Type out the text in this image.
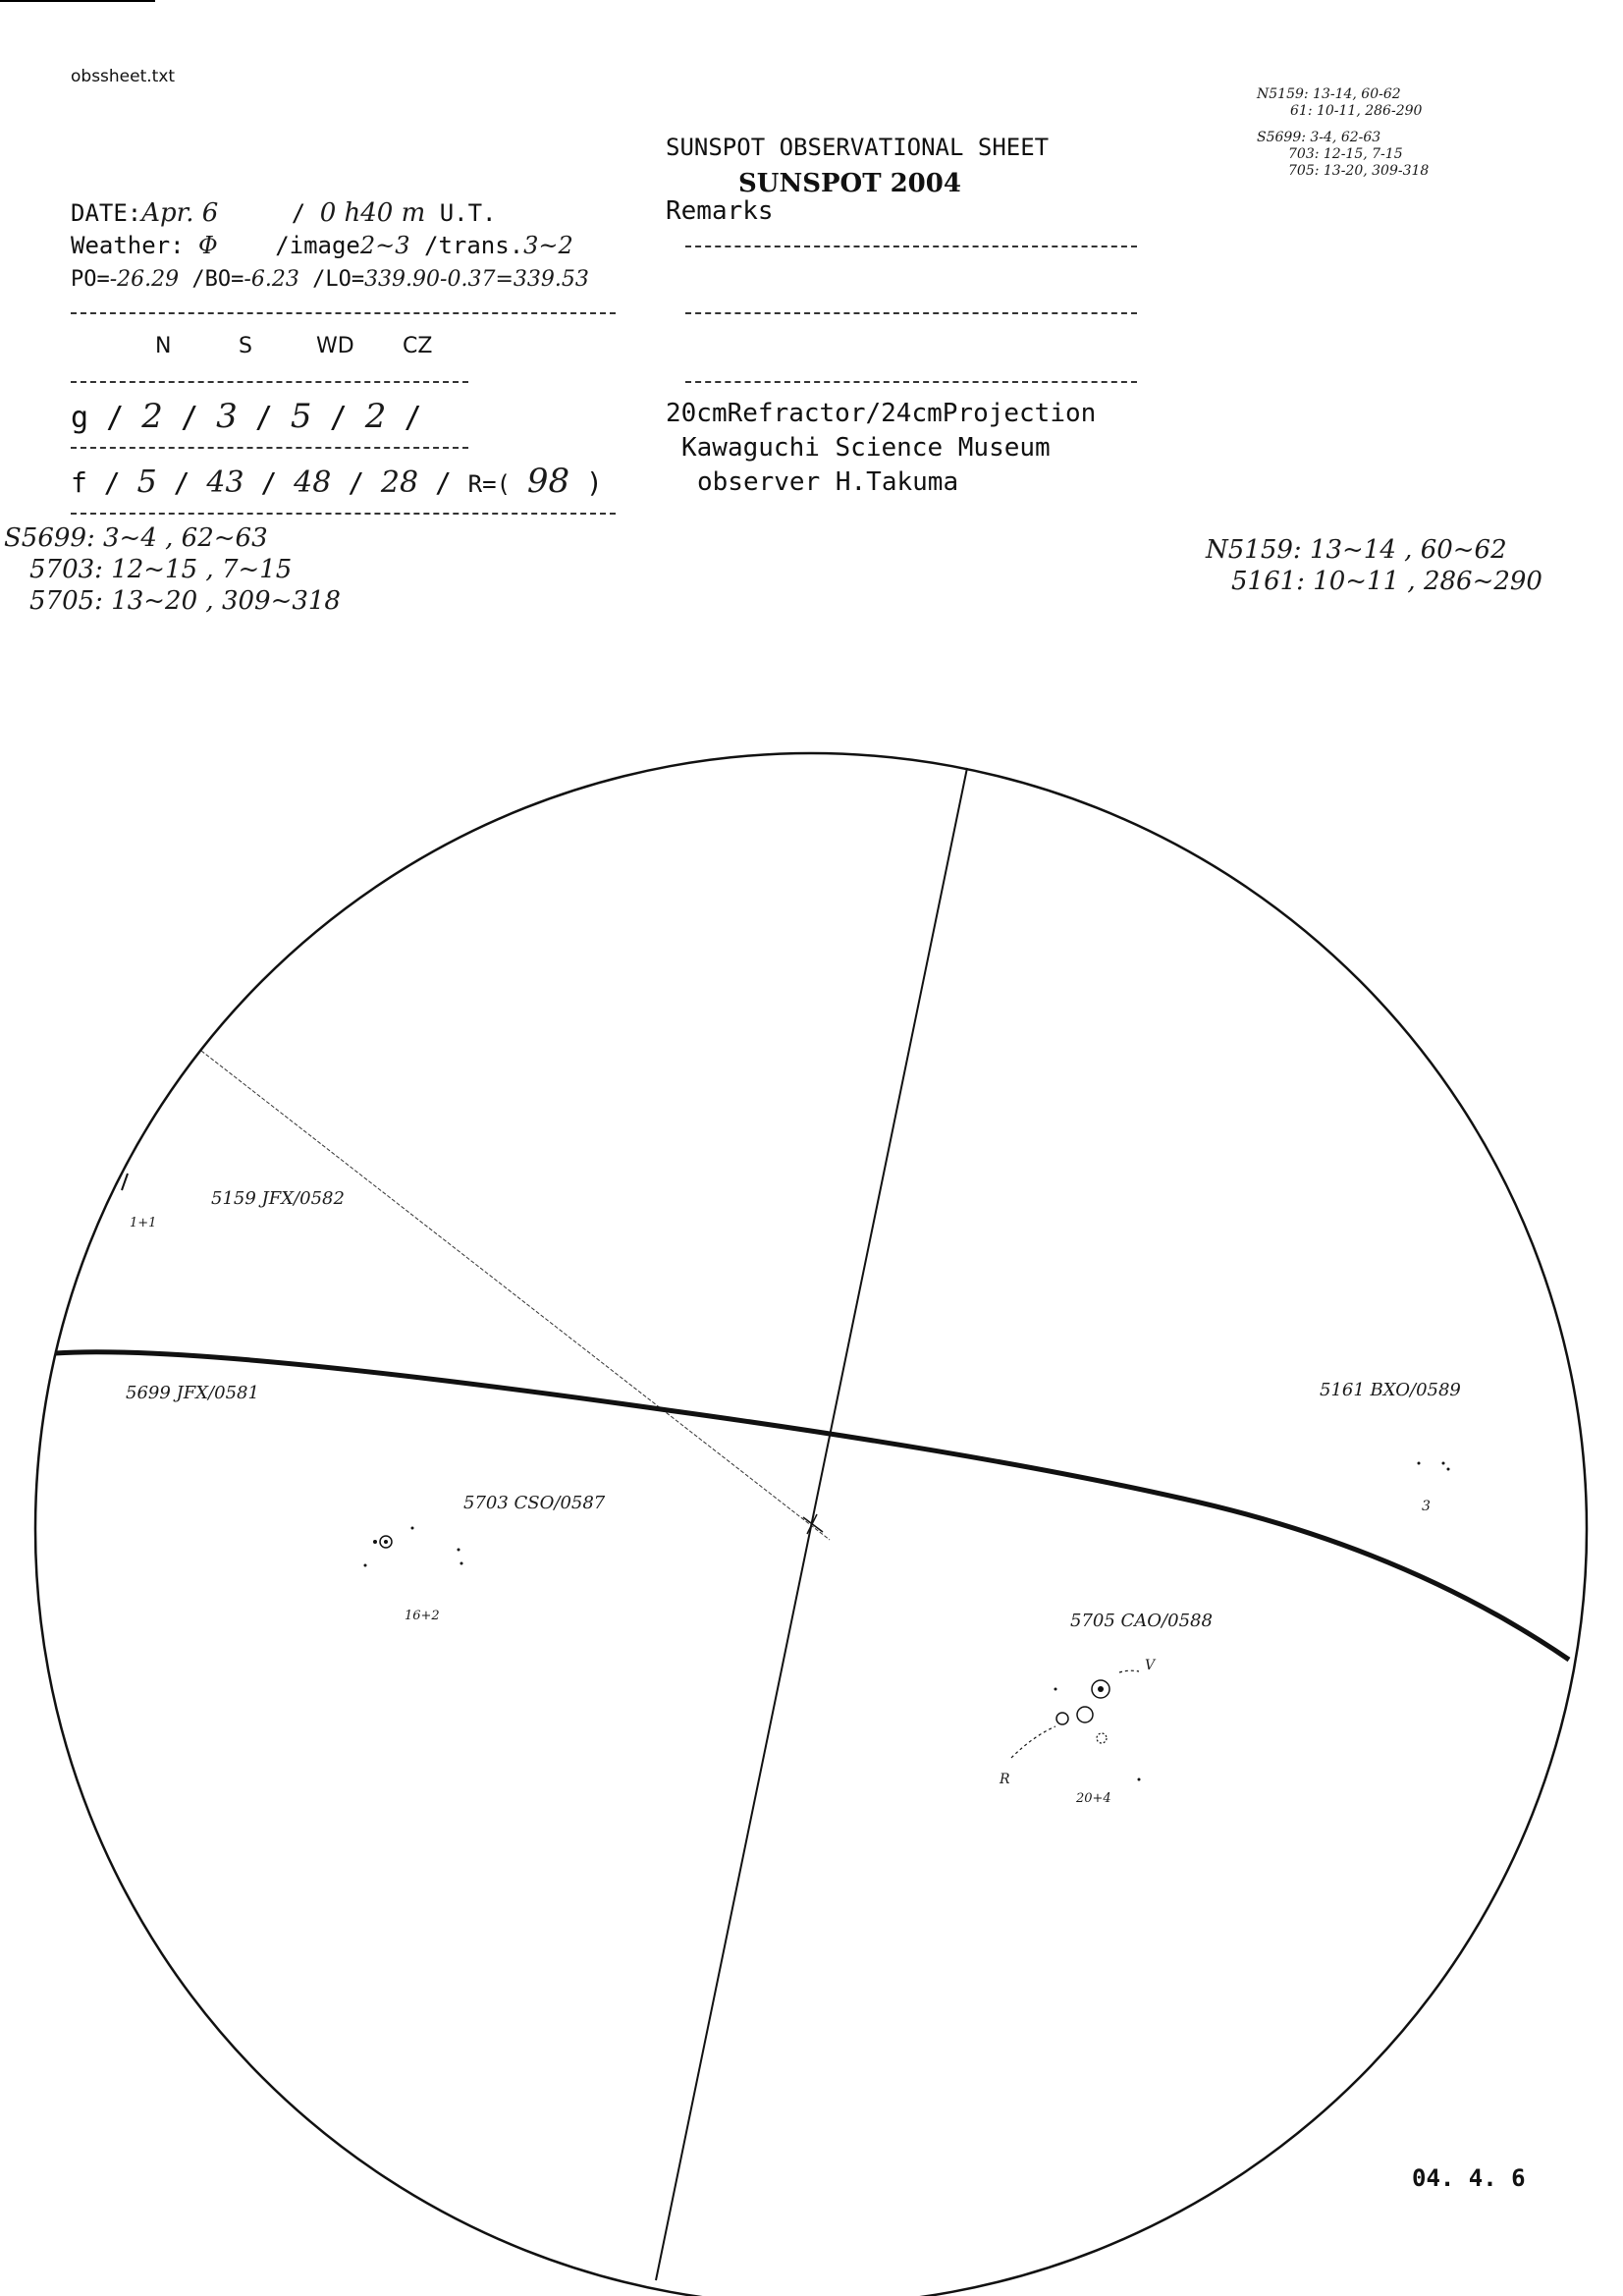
obssheet.txt
SUNSPOT OBSERVATIONAL SHEET
SUNSPOT 2004
Remarks
DATE:Apr. 6	/ 0 h40 m U.T.
Weather: Φ /image2~3 /trans.3~2
PO=-26.29 /BO=-6.23 /LO=339.90-0.37=339.53
N	S	WD CZ
g / 2 / 3 / 5 / 2 /
f / 5 / 43 / 48 / 28 / R=( 98 )
20cmRefractor/24cmProjection
Kawaguchi Science Museum
observer H.Takuma
N5159: 13-14, 60-62
61: 10-11, 286-290
S5699: 3-4, 62-63
703: 12-15, 7-15
705: 13-20, 309-318
S5699: 3~4 , 62~63
5703: 12~15 , 7~15
5705: 13~20 , 309~318
N5159: 13~14 , 60~62
5161: 10~11 , 286~290
5159 JFX/0582
1+1
5699 JFX/0581
5703 CSO/0587
16+2
5161 BXO/0589
3
5705 CAO/0588
20+4
V
R
04. 4. 6
